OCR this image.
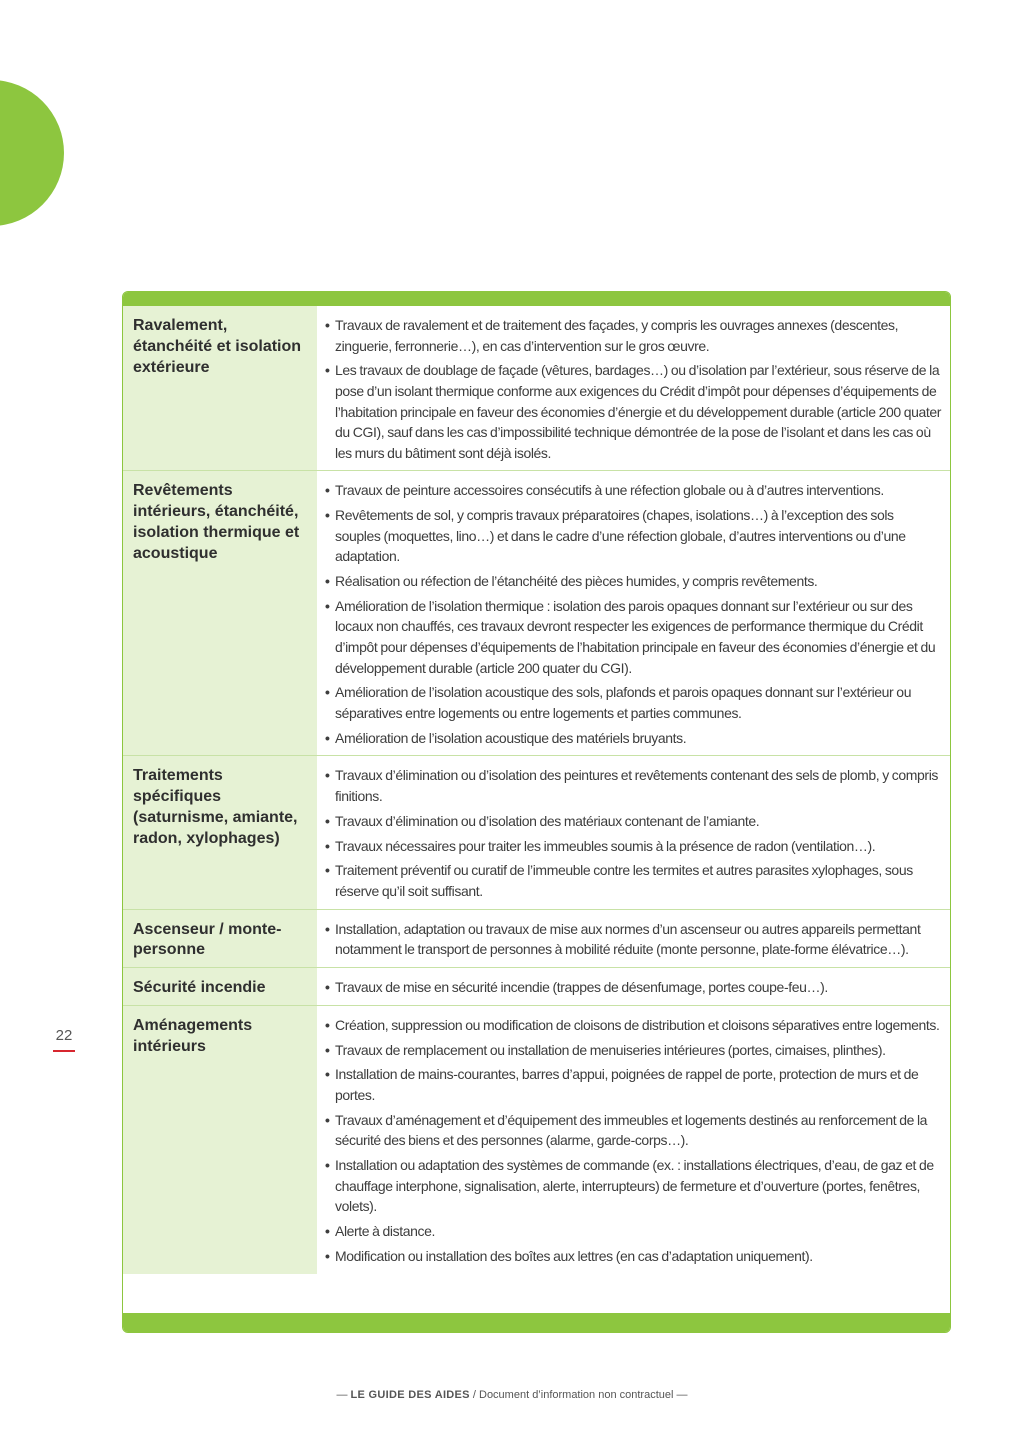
22
Ravalement, étanchéité et isolation extérieure
• Travaux de ravalement et de traitement des façades, y compris les ouvrages annexes (descentes, zinguerie, ferronnerie…), en cas d’intervention sur le gros œuvre.
• Les travaux de doublage de façade (vêtures, bardages…) ou d’isolation par l’extérieur, sous réserve de la pose d’un isolant thermique conforme aux exigences du Crédit d’impôt pour dépenses d’équipements de l’habitation principale en faveur des économies d’énergie et du développement durable (article 200 quater du CGI), sauf dans les cas d’impossibilité technique démontrée de la pose de l’isolant et dans les cas où les murs du bâtiment sont déjà isolés.
Revêtements intérieurs, étanchéité, isolation thermique et acoustique
• Travaux de peinture accessoires consécutifs à une réfection globale ou à d’autres interventions.
• Revêtements de sol, y compris travaux préparatoires (chapes, isolations…) à l’exception des sols souples (moquettes, lino…) et dans le cadre d’une réfection globale, d’autres interventions ou d’une adaptation.
• Réalisation ou réfection de l’étanchéité des pièces humides, y compris revêtements.
• Amélioration de l’isolation thermique : isolation des parois opaques donnant sur l’extérieur ou sur des locaux non chauffés, ces travaux devront respecter les exigences de performance thermique du Crédit d’impôt pour dépenses d’équipements de l’habitation principale en faveur des économies d’énergie et du développement durable (article 200 quater du CGI).
• Amélioration de l’isolation acoustique des sols, plafonds et parois opaques donnant sur l’extérieur ou séparatives entre logements ou entre logements et parties communes.
• Amélioration de l’isolation acoustique des matériels bruyants.
Traitements spécifiques (saturnisme, amiante, radon, xylophages)
• Travaux d’élimination ou d’isolation des peintures et revêtements contenant des sels de plomb, y compris finitions.
• Travaux d’élimination ou d’isolation des matériaux contenant de l’amiante.
• Travaux nécessaires pour traiter les immeubles soumis à la présence de radon (ventilation…).
• Traitement préventif ou curatif de l’immeuble contre les termites et autres parasites xylophages, sous réserve qu’il soit suffisant.
Ascenseur / monte-personne
• Installation, adaptation ou travaux de mise aux normes d’un ascenseur ou autres appareils permettant notamment le transport de personnes à mobilité réduite (monte personne, plate-forme élévatrice…).
Sécurité incendie
•	Travaux de mise en sécurité incendie (trappes de désenfumage, portes coupe-feu…).
Aménagements intérieurs
• Création, suppression ou modification de cloisons de distribution et cloisons séparatives entre logements.
• Travaux de remplacement ou installation de menuiseries intérieures (portes, cimaises, plinthes).
• Installation de mains-courantes, barres d’appui, poignées de rappel de porte, protection de murs et de portes.
• Travaux d’aménagement et d’équipement des immeubles et logements destinés au renforcement de la sécurité des biens et des personnes (alarme, garde-corps…).
• Installation ou adaptation des systèmes de commande (ex. : installations électriques, d’eau, de gaz et de chauffage interphone, signalisation, alerte, interrupteurs) de fermeture et d’ouverture (portes, fenêtres, volets).
• Alerte à distance.
• Modification ou installation des boîtes aux lettres (en cas d’adaptation uniquement).
— LE GUIDE DES AIDES / Document d’information non contractuel —
